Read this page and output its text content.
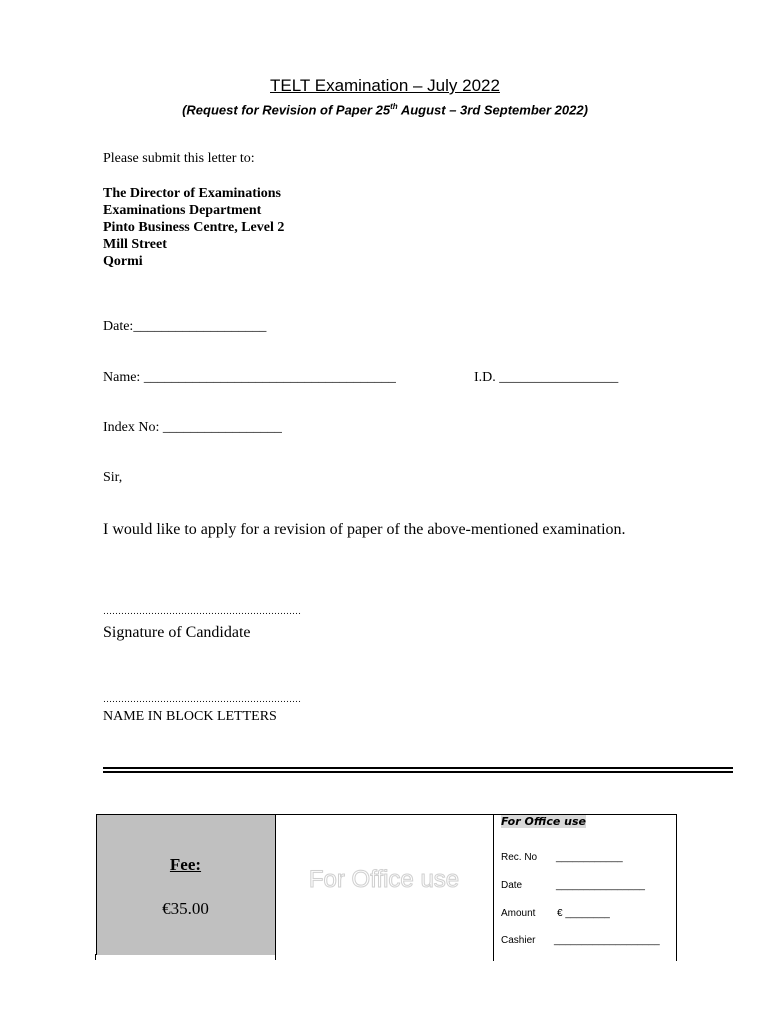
TELT Examination – July 2022
(Request for Revision of Paper 25th August – 3rd September 2022)
Please submit this letter to:
The Director of Examinations
Examinations Department
Pinto Business Centre, Level 2
Mill Street
Qormi
Date:___________________
Name: ____________________________________	I.D. _________________
Index No: _________________
Sir,
I would like to apply for a revision of paper of the above-mentioned examination.
…………………………………………………………
Signature of Candidate
…………………………………………………………
NAME IN BLOCK LETTERS
Fee:
€35.00
For Office use
For Office use
Rec. No ____________
Date	________________
Amount € ________
Cashier ___________________
